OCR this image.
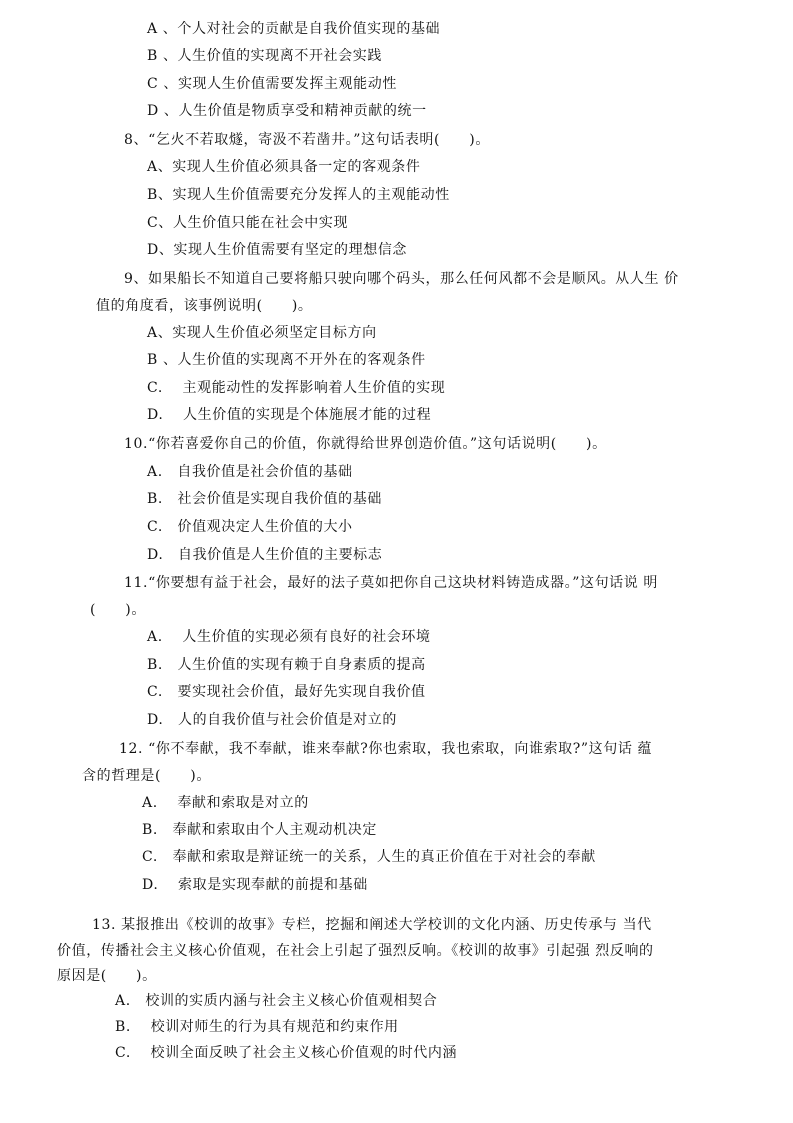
A 、个人对社会的贡献是自我价值实现的基础
B 、人生价值的实现离不开社会实践
C 、实现人生价值需要发挥主观能动性
D 、人生价值是物质享受和精神贡献的统一
8、“乞火不若取燧，寄汲不若凿井。”这句话表明(　　)。
A、实现人生价值必须具备一定的客观条件
B、实现人生价值需要充分发挥人的主观能动性
C、人生价值只能在社会中实现
D、实现人生价值需要有坚定的理想信念
9、如果船长不知道自己要将船只驶向哪个码头，那么任何风都不会是顺风。从人生 价
值的角度看，该事例说明(　　)。
A、实现人生价值必须坚定目标方向
B 、人生价值的实现离不开外在的客观条件
C.　 主观能动性的发挥影响着人生价值的实现
D.　 人生价值的实现是个体施展才能的过程
10.“你若喜爱你自己的价值，你就得给世界创造价值。”这句话说明(　　)。
A.　自我价值是社会价值的基础
B.　社会价值是实现自我价值的基础
C.　价值观决定人生价值的大小
D.　自我价值是人生价值的主要标志
11.“你要想有益于社会，最好的法子莫如把你自己这块材料铸造成器。”这句话说 明
(　　)。
A.　 人生价值的实现必须有良好的社会环境
B.　人生价值的实现有赖于自身素质的提高
C.　要实现社会价值，最好先实现自我价值
D.　人的自我价值与社会价值是对立的
12. “你不奉献，我不奉献，谁来奉献?你也索取，我也索取，向谁索取?”这句话 蕴
含的哲理是(　　)。
A.　 奉献和索取是对立的
B.　奉献和索取由个人主观动机决定
C.　奉献和索取是辩证统一的关系，人生的真正价值在于对社会的奉献
D.　 索取是实现奉献的前提和基础
13. 某报推出《校训的故事》专栏，挖掘和阐述大学校训的文化内涵、历史传承与 当代
价值，传播社会主义核心价值观，在社会上引起了强烈反响。《校训的故事》引起强 烈反响的
原因是(　　)。
A.　校训的实质内涵与社会主义核心价值观相契合
B.　 校训对师生的行为具有规范和约束作用
C.　 校训全面反映了社会主义核心价值观的时代内涵
